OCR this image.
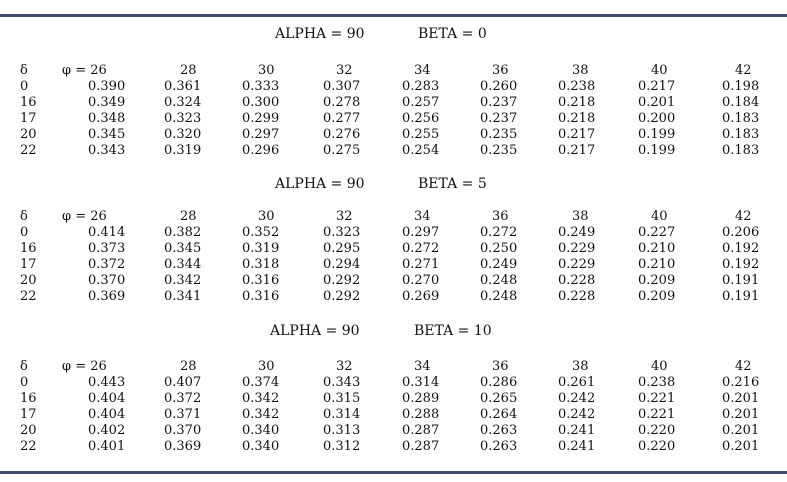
ALPHA = 90	BETA = 0
δ	φ = 26	28	30	32	34	36	38	40	42
0	0.390	0.361	0.333	0.307	0.283	0.260	0.238	0.217	0.198
16	0.349	0.324	0.300	0.278	0.257	0.237	0.218	0.201	0.184
17	0.348	0.323	0.299	0.277	0.256	0.237	0.218	0.200	0.183
20	0.345	0.320	0.297	0.276	0.255	0.235	0.217	0.199	0.183
22	0.343	0.319	0.296	0.275	0.254	0.235	0.217	0.199	0.183
ALPHA = 90	BETA = 5
δ	φ = 26	28	30	32	34	36	38	40	42
0	0.414	0.382	0.352	0.323	0.297	0.272	0.249	0.227	0.206
16	0.373	0.345	0.319	0.295	0.272	0.250	0.229	0.210	0.192
17	0.372	0.344	0.318	0.294	0.271	0.249	0.229	0.210	0.192
20	0.370	0.342	0.316	0.292	0.270	0.248	0.228	0.209	0.191
22	0.369	0.341	0.316	0.292	0.269	0.248	0.228	0.209	0.191
ALPHA = 90	BETA = 10
δ	φ = 26	28	30	32	34	36	38	40	42
0	0.443	0.407	0.374	0.343	0.314	0.286	0.261	0.238	0.216
16	0.404	0.372	0.342	0.315	0.289	0.265	0.242	0.221	0.201
17	0.404	0.371	0.342	0.314	0.288	0.264	0.242	0.221	0.201
20	0.402	0.370	0.340	0.313	0.287	0.263	0.241	0.220	0.201
22	0.401	0.369	0.340	0.312	0.287	0.263	0.241	0.220	0.201
